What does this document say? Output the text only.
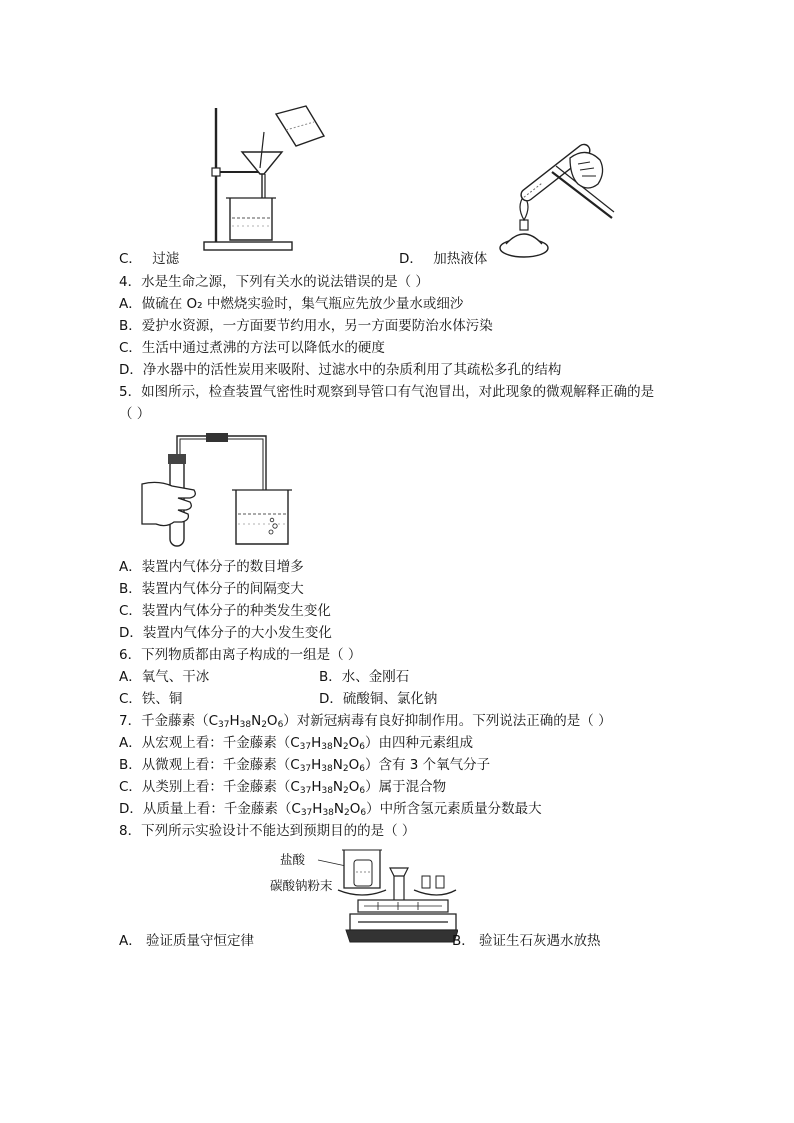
C． 过滤	D． 加热液体
4．水是生命之源，下列有关水的说法错误的是（ ）
A．做硫在 O₂ 中燃烧实验时，集气瓶应先放少量水或细沙
B．爱护水资源，一方面要节约用水，另一方面要防治水体污染
C．生活中通过煮沸的方法可以降低水的硬度
D．净水器中的活性炭用来吸附、过滤水中的杂质利用了其疏松多孔的结构
5．如图所示，检查装置气密性时观察到导管口有气泡冒出，对此现象的微观解释正确的是
（ ）
A．装置内气体分子的数目增多
B．装置内气体分子的间隔变大
C．装置内气体分子的种类发生变化
D．装置内气体分子的大小发生变化
6．下列物质都由离子构成的一组是（ ）
A．氧气、干冰	B．水、金刚石
C．铁、铜	D．硫酸铜、氯化钠
7．千金藤素$(C_{37}H_{38}N_2O_6)$对新冠病毒有良好抑制作用。下列说法正确的是（ ）
A．从宏观上看：千金藤素$(C_{37}H_{38}N_2O_6)$由四种元素组成
B．从微观上看：千金藤素$(C_{37}H_{38}N_2O_6)$含有 3 个氧气分子
C．从类别上看：千金藤素$(C_{37}H_{38}N_2O_6)$属于混合物
D．从质量上看：千金藤素$(C_{37}H_{38}N_2O_6)$中所含氢元素质量分数最大
8．下列所示实验设计不能达到预期目的的是（ ）
盐酸
碳酸钠粉末
A． 验证质量守恒定律	B． 验证生石灰遇水放热
